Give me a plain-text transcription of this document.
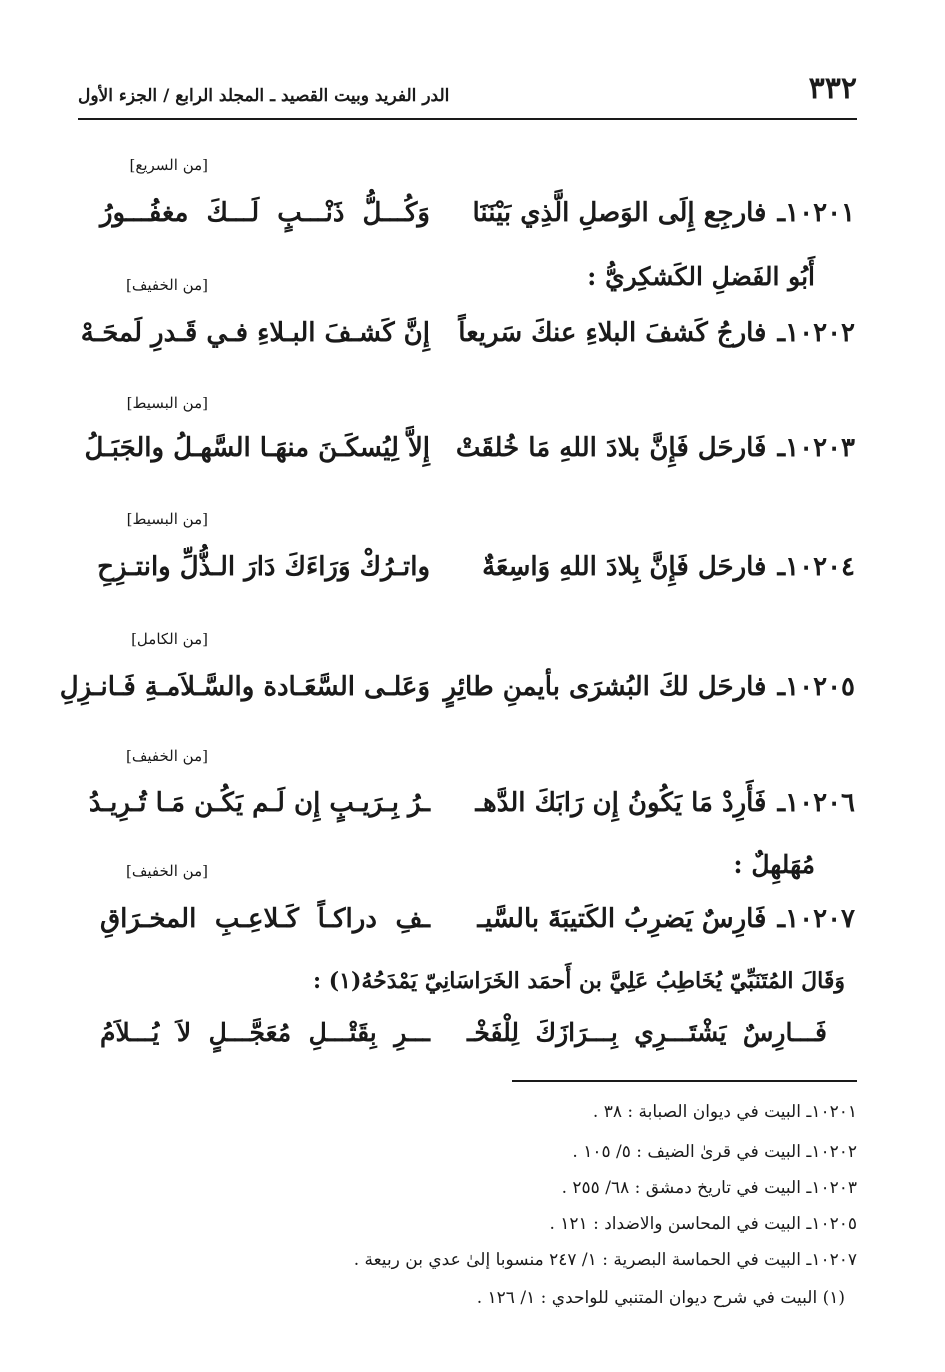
٣٣٢
الدر الفريد وبيت القصيد ـ المجلد الرابع / الجزء الأول
[من السريع]
١٠٢٠١ـ فارجِع إِلَى الوَصلِ الَّذِي بَيْنَنَا
وَكُـــلُّ ذَنْـــبٍ لَـــكَ مغفُـــورُ
أَبُو الفَضلِ الكَشكِريُّ :
[من الخفيف]
١٠٢٠٢ـ فارجُ كَشفَ البلاءِ عنكَ سَريعاً
إِنَّ كَشـفَ البـلاءِ فـي قَـدرِ لَمحَـهْ
[من البسيط]
١٠٢٠٣ـ فَارحَل فَإِنَّ بلادَ اللهِ مَا خُلقَتْ
إِلاَّ لِيُسكَـنَ منهَـا السَّهـلُ والجَبَـلُ
[من البسيط]
١٠٢٠٤ـ فارحَل فَإِنَّ بِلادَ اللهِ وَاسِعَةٌ
واتـرُكْ وَرَاءَكَ دَارَ الـذُّلِّ وانتـزِحِ
[من الكامل]
١٠٢٠٥ـ فارحَل لكَ البُشرَى بأيمنِ طائِرٍ
وَعَلـى السَّعَـادة والسَّـلاَمـةِ فَـانـزِلِ
[من الخفيف]
١٠٢٠٦ـ فَأَرِدْ مَا يَكُونُ إِن رَابَكَ الدَّهـ
ـرُ بِـرَيـبٍ إِن لَـم يَكُـن مَـا تُـرِيـدُ
مُهَلهِلٌ :
[من الخفيف]
١٠٢٠٧ـ فَارِسٌ يَضرِبُ الكَتيبَةَ بالسَّيـ
ـفِ دراكـاً كَـلاعِـبِ المخـرَاقِ
وَقَالَ المُتَنَبِّيّ يُخَاطِبُ عَلِيَّ بن أَحمَد الخَرَاسَانِيّ يَمْدَحُهُ(١) :
فَـــارِسٌ يَشْتَـــرِي بِـــرَازَكَ لِلْفَخْـ
ـــرِ بِقَتْـــلِ مُعَجَّـــلٍ لاَ يُـــلاَمُ
١٠٢٠١ـ البيت في ديوان الصبابة : ٣٨ .
١٠٢٠٢ـ البيت في قرىٰ الضيف : ٥/ ١٠٥ .
١٠٢٠٣ـ البيت في تاريخ دمشق : ٦٨/ ٢٥٥ .
١٠٢٠٥ـ البيت في المحاسن والاضداد : ١٢١ .
١٠٢٠٧ـ البيت في الحماسة البصرية : ١/ ٢٤٧ منسوبا إلىٰ عدي بن ربيعة .
(١) البيت في شرح ديوان المتنبي للواحدي : ١/ ١٢٦ .
